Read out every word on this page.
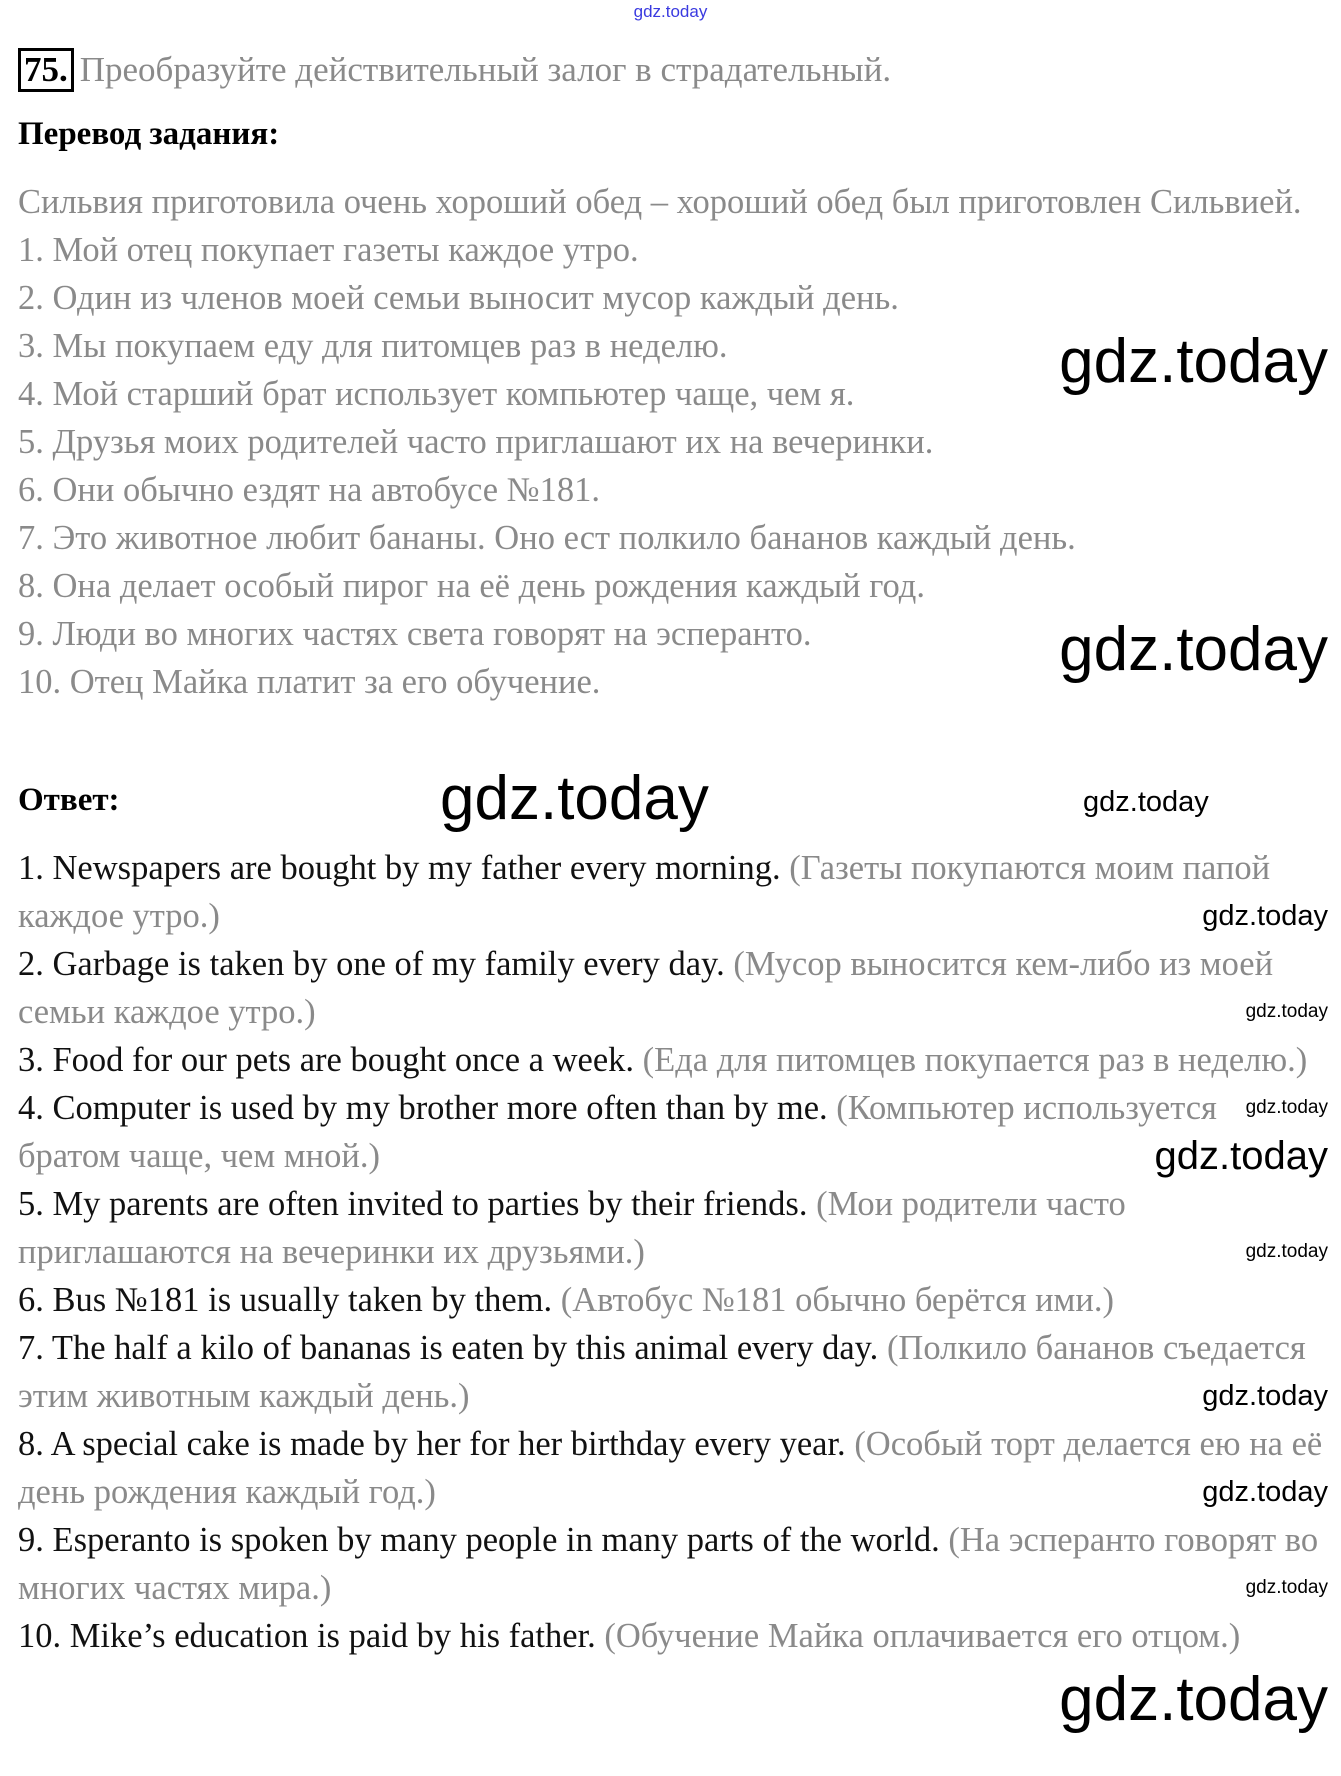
gdz.today
75. Преобразуйте действительный залог в страдательный.
Перевод задания:

Сильвия приготовила очень хороший обед – хороший обед был приготовлен Сильвией.

1. Мой отец покупает газеты каждое утро.

2. Один из членов моей семьи выносит мусор каждый день.

gdz.today
3. Мы покупаем еду для питомцев раз в неделю.

4. Мой старший брат использует компьютер чаще, чем я.

5. Друзья моих родителей часто приглашают их на вечеринки.

6. Они обычно ездят на автобусе №181.

7. Это животное любит бананы. Оно ест полкило бананов каждый день.

8. Она делает особый пирог на её день рождения каждый год.

gdz.today
9. Люди во многих частях света говорят на эсперанто.

10. Отец Майка платит за его обучение.

Ответ:	gdz.today	gdz.today

1. Newspapers are bought by my father every morning. (Газеты покупаются моим папой каждое утро.)	gdz.today

2. Garbage is taken by one of my family every day. (Мусор выносится кем-либо из моей семьи каждое утро.)	gdz.today

3. Food for our pets are bought once a week. (Еда для питомцев покупается раз в неделю.)
gdz.today

4. Computer is used by my brother more often than by me. (Компьютер используется братом чаще, чем мной.)	gdz.today

5. My parents are often invited to parties by their friends. (Мои родители часто приглашаются на вечеринки их друзьями.)	gdz.today

6. Bus №181 is usually taken by them. (Автобус №181 обычно берётся ими.)

7. The half a kilo of bananas is eaten by this animal every day. (Полкило бананов съедается этим животным каждый день.)	gdz.today

8. A special cake is made by her for her birthday every year. (Особый торт делается ею на её день рождения каждый год.)	gdz.today

9. Esperanto is spoken by many people in many parts of the world. (На эсперанто говорят во многих частях мира.)	gdz.today

10. Mike’s education is paid by his father. (Обучение Майка оплачивается его отцом.)
gdz.today
